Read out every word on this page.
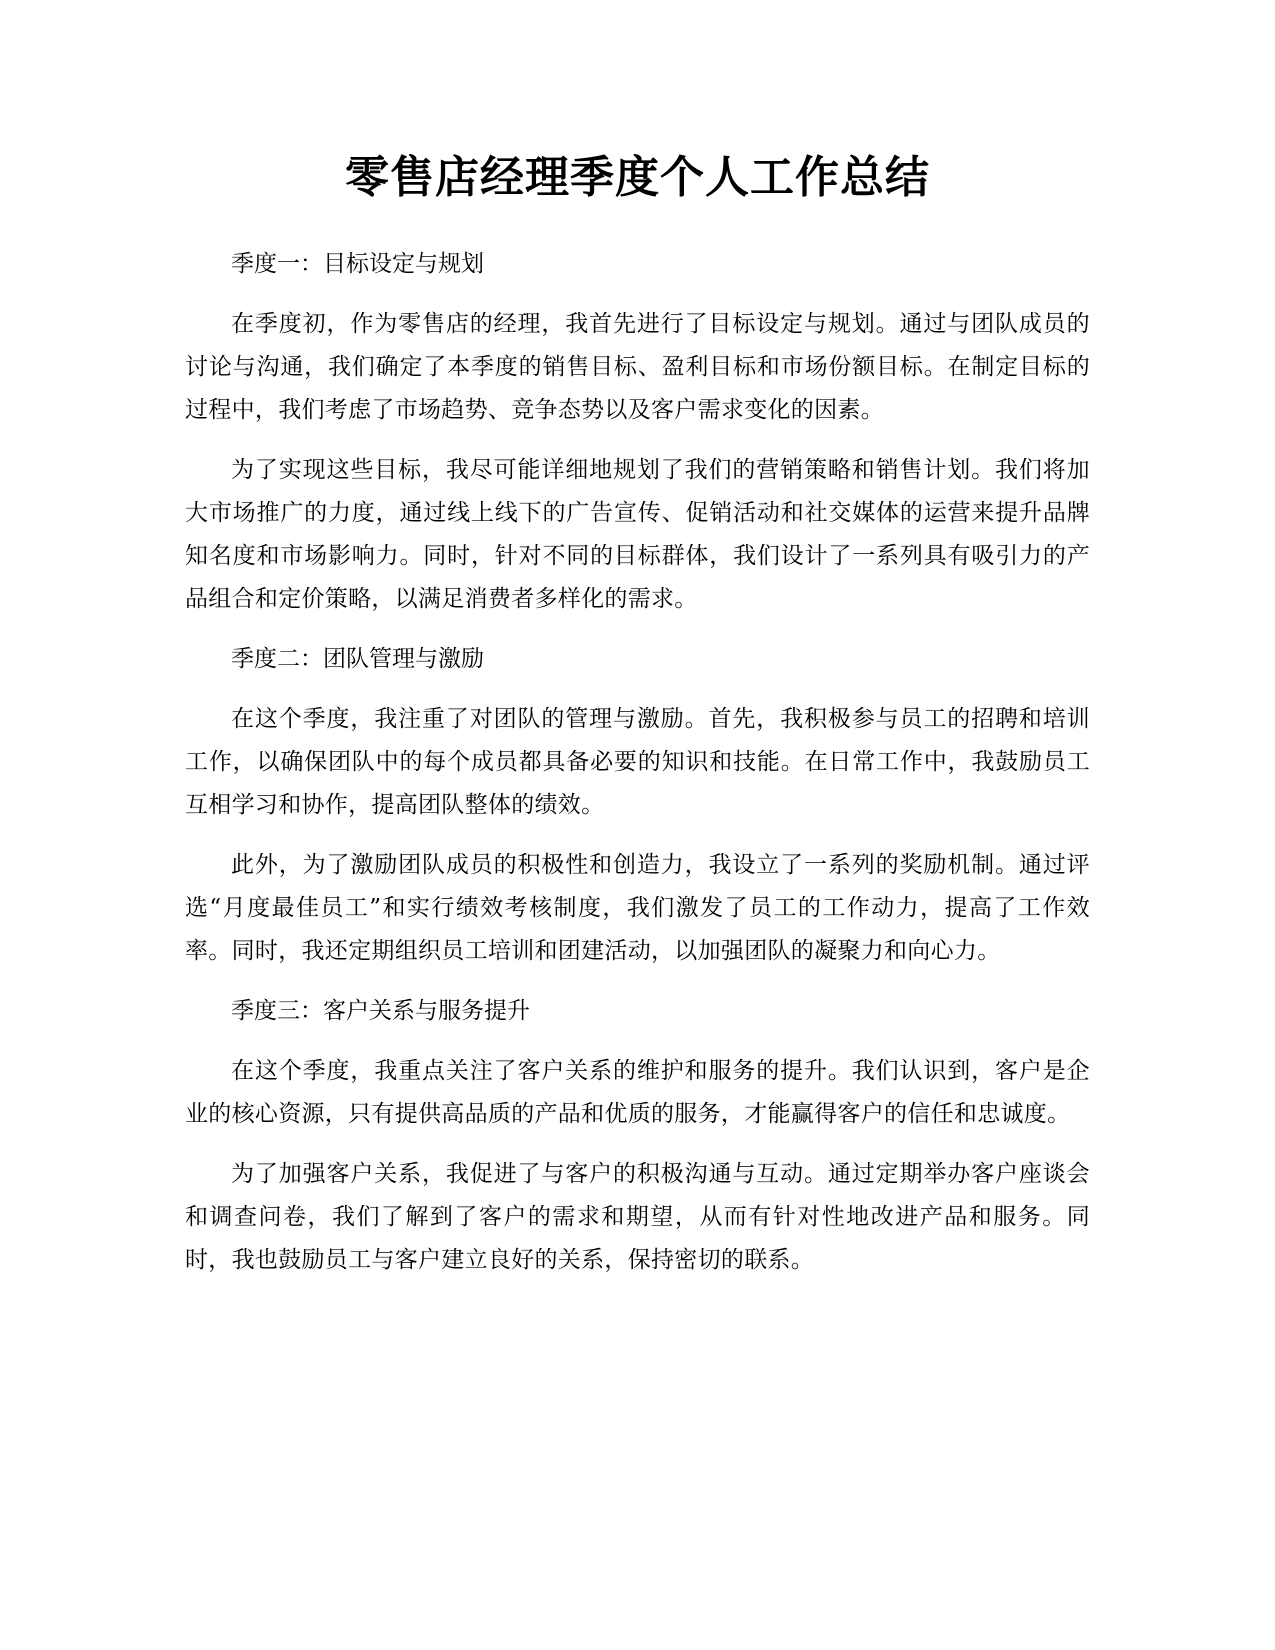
零售店经理季度个人工作总结

季度一：目标设定与规划

在季度初，作为零售店的经理，我首先进行了目标设定与规划。通过与团队成员的讨论与沟通，我们确定了本季度的销售目标、盈利目标和市场份额目标。在制定目标的过程中，我们考虑了市场趋势、竞争态势以及客户需求变化的因素。

为了实现这些目标，我尽可能详细地规划了我们的营销策略和销售计划。我们将加大市场推广的力度，通过线上线下的广告宣传、促销活动和社交媒体的运营来提升品牌知名度和市场影响力。同时，针对不同的目标群体，我们设计了一系列具有吸引力的产品组合和定价策略，以满足消费者多样化的需求。

季度二：团队管理与激励

在这个季度，我注重了对团队的管理与激励。首先，我积极参与员工的招聘和培训工作，以确保团队中的每个成员都具备必要的知识和技能。在日常工作中，我鼓励员工互相学习和协作，提高团队整体的绩效。

此外，为了激励团队成员的积极性和创造力，我设立了一系列的奖励机制。通过评选“月度最佳员工”和实行绩效考核制度，我们激发了员工的工作动力，提高了工作效率。同时，我还定期组织员工培训和团建活动，以加强团队的凝聚力和向心力。

季度三：客户关系与服务提升

在这个季度，我重点关注了客户关系的维护和服务的提升。我们认识到，客户是企业的核心资源，只有提供高品质的产品和优质的服务，才能赢得客户的信任和忠诚度。

为了加强客户关系，我促进了与客户的积极沟通与互动。通过定期举办客户座谈会和调查问卷，我们了解到了客户的需求和期望，从而有针对性地改进产品和服务。同时，我也鼓励员工与客户建立良好的关系，保持密切的联系。
